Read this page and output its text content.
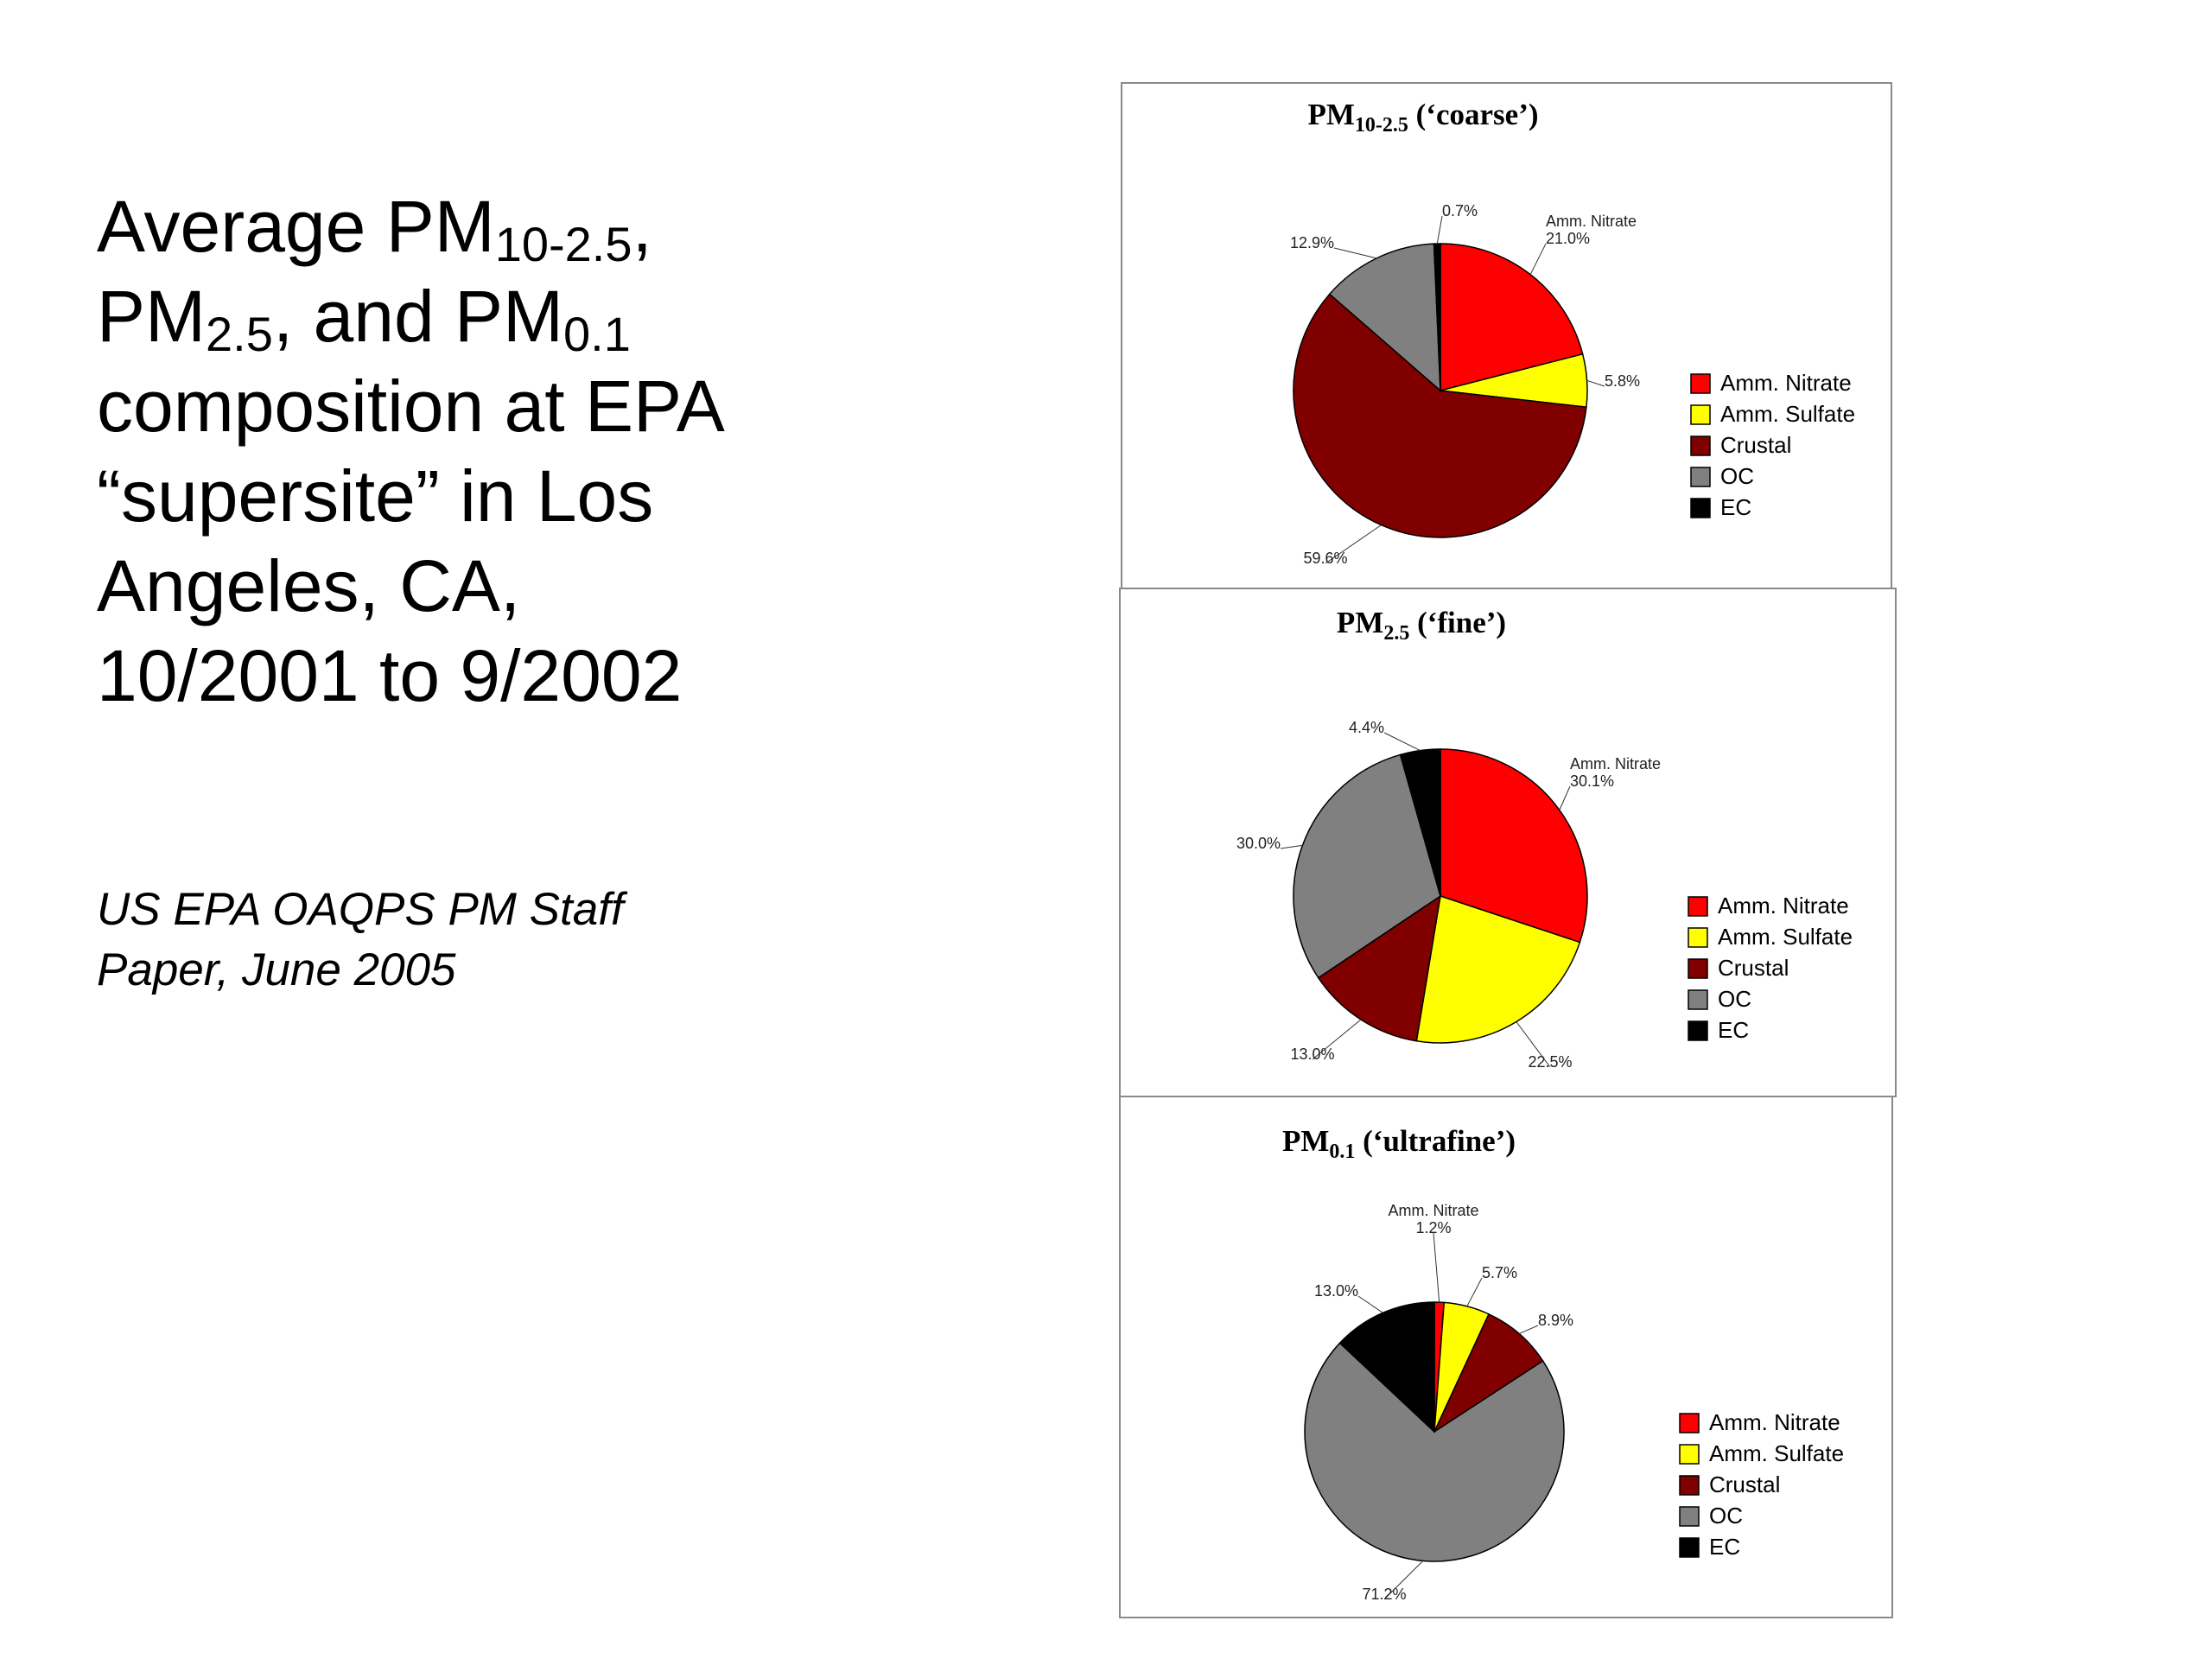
Average $PM_{10-2.5}$,
$PM_{2.5}$, and $PM_{0.1}$
composition at EPA
“supersite” in Los
Angeles, CA,
10/2001 to 9/2002
US EPA OAQPS PM Staff
Paper, June 2005
$PM_{10-2.5}$ (‘coarse’)
Amm. Nitrate 21.0%
5.8%
59.6%
12.9%
0.7%
Amm. Nitrate
Amm. Sulfate
Crustal
OC
EC
$PM_{2.5}$ (‘fine’)
Amm. Nitrate 30.1%
22.5%
13.0%
30.0%
4.4%
Amm. Nitrate
Amm. Sulfate
Crustal
OC
EC
$PM_{0.1}$ (‘ultrafine’)
Amm. Nitrate 1.2%
5.7%
8.9%
71.2%
13.0%
Amm. Nitrate
Amm. Sulfate
Crustal
OC
EC
